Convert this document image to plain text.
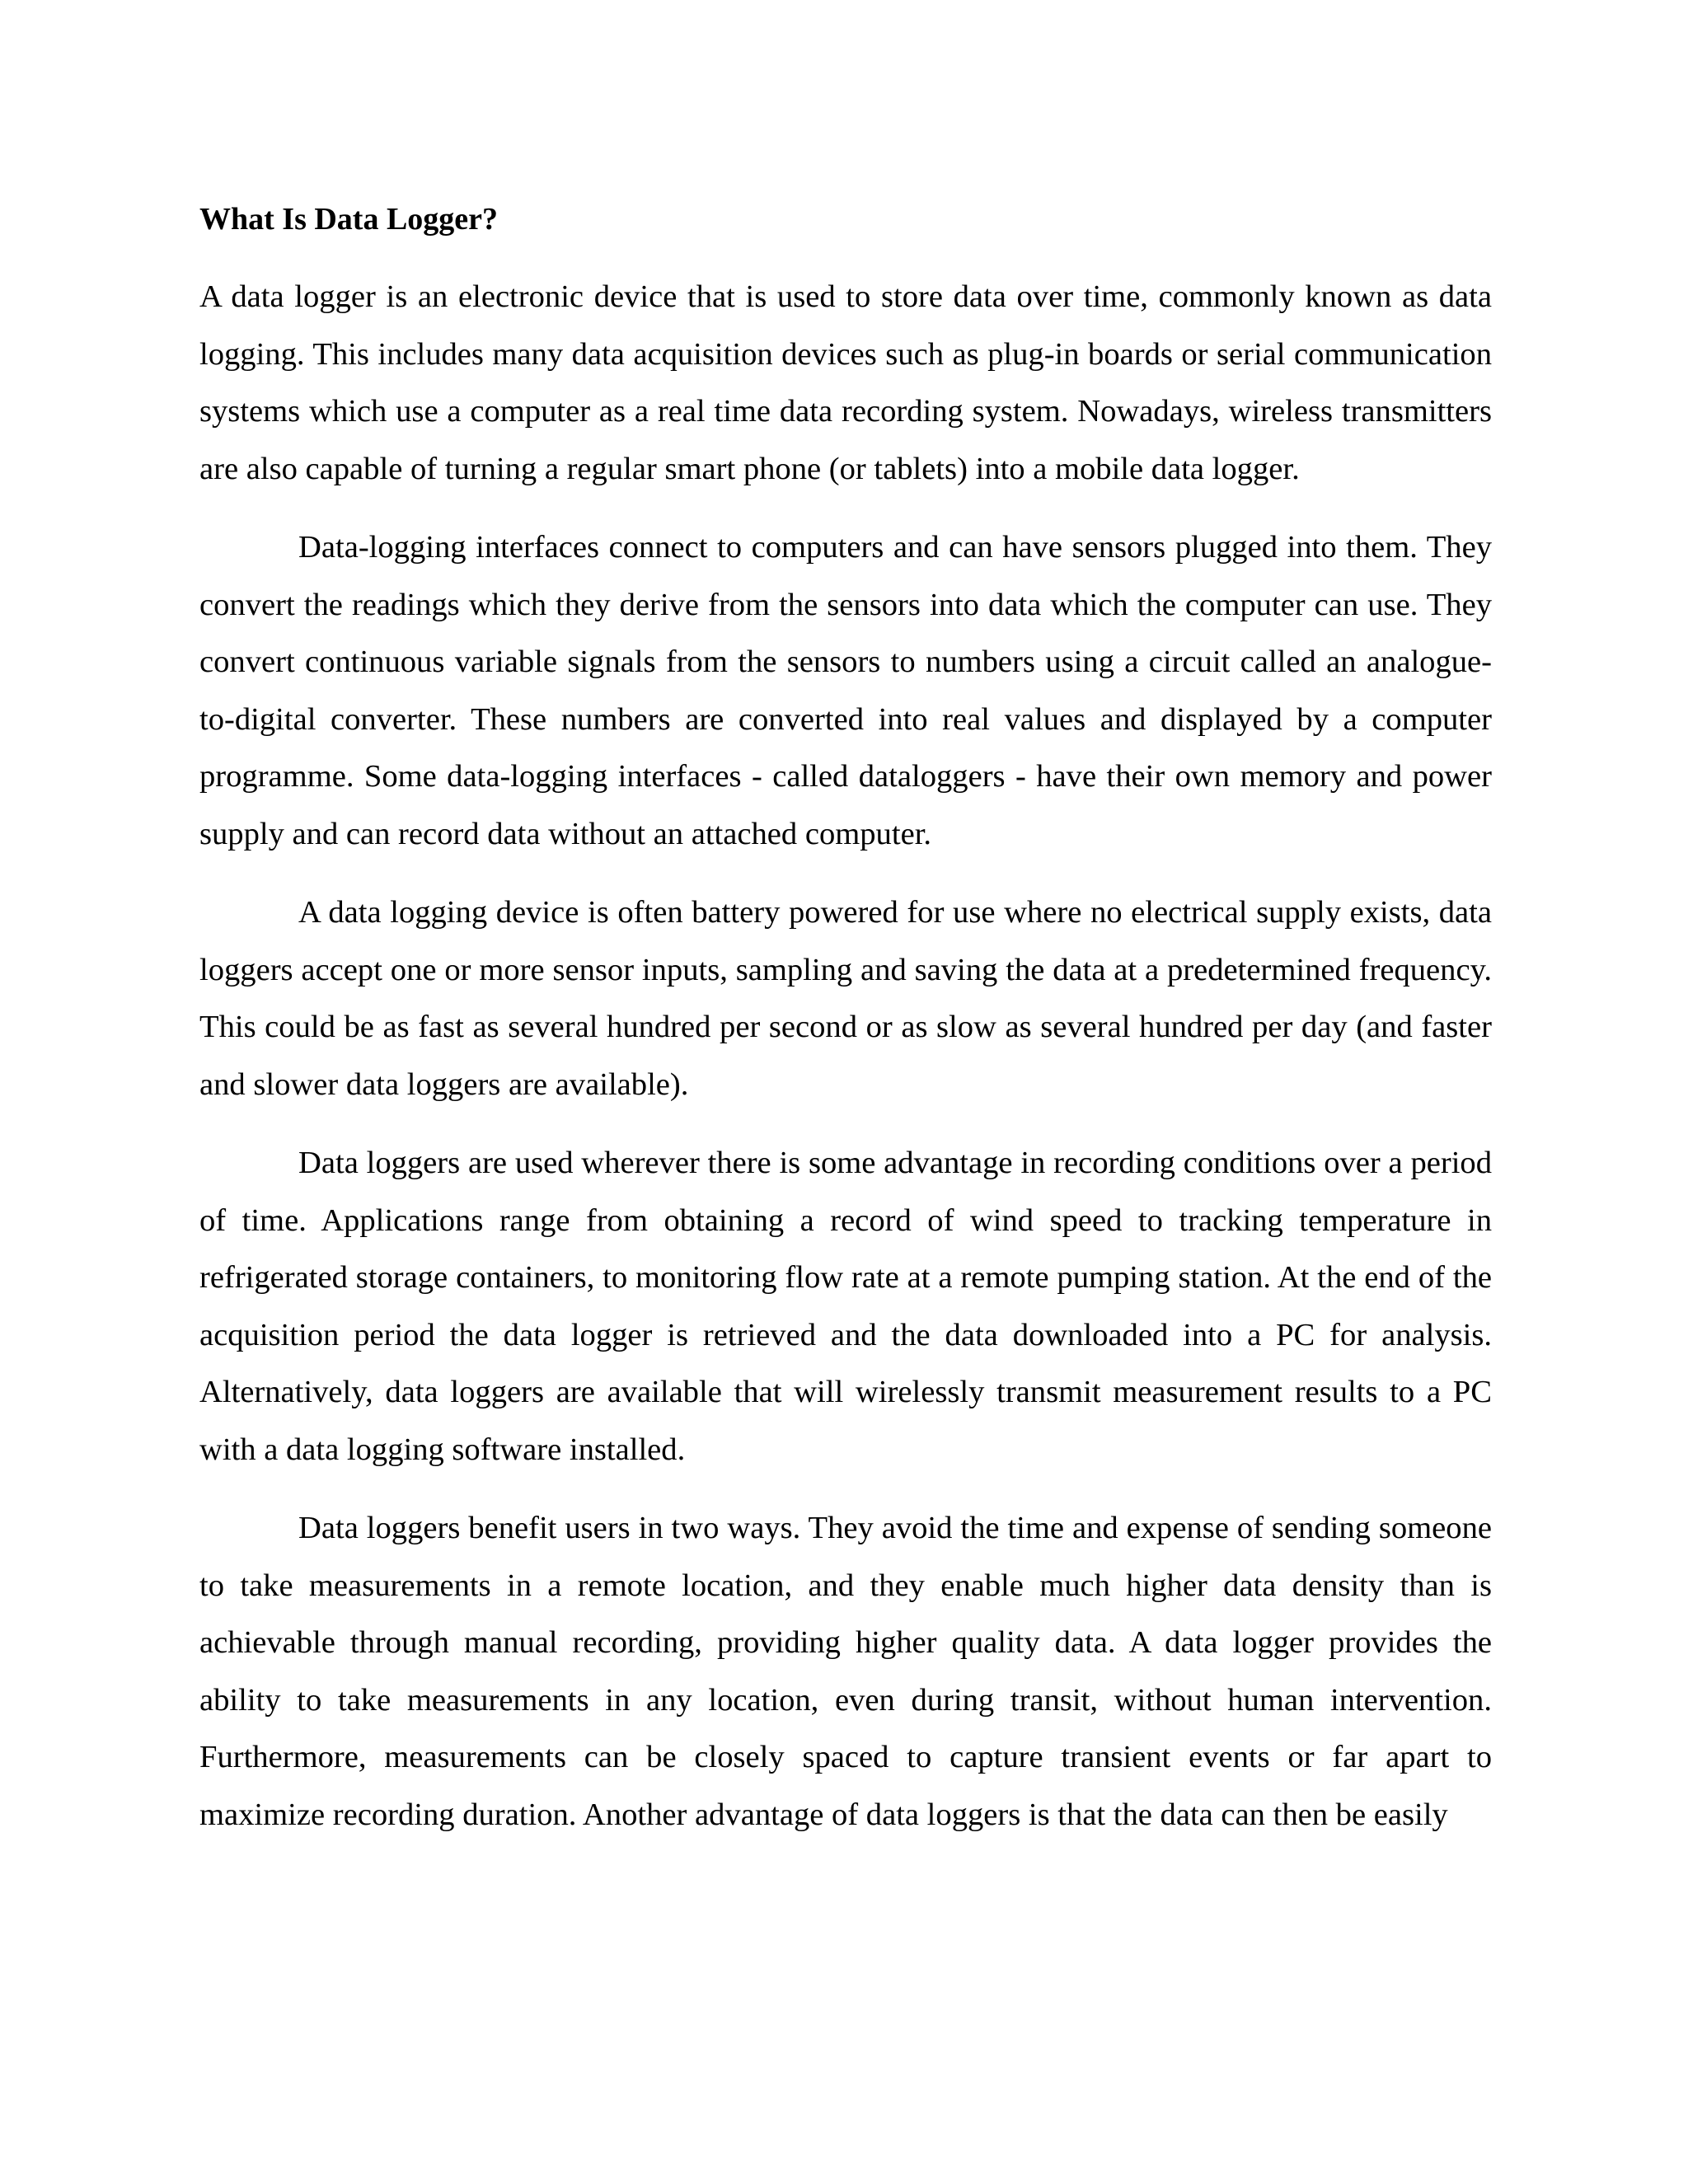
What Is Data Logger?

A data logger is an electronic device that is used to store data over time, commonly known as data logging. This includes many data acquisition devices such as plug-in boards or serial communication systems which use a computer as a real time data recording system. Nowadays, wireless transmitters are also capable of turning a regular smart phone (or tablets) into a mobile data logger.

Data-logging interfaces connect to computers and can have sensors plugged into them. They convert the readings which they derive from the sensors into data which the computer can use. They convert continuous variable signals from the sensors to numbers using a circuit called an analogue-to-digital converter. These numbers are converted into real values and displayed by a computer programme. Some data-logging interfaces - called dataloggers - have their own memory and power supply and can record data without an attached computer.

A data logging device is often battery powered for use where no electrical supply exists, data loggers accept one or more sensor inputs, sampling and saving the data at a predetermined frequency. This could be as fast as several hundred per second or as slow as several hundred per day (and faster and slower data loggers are available).

Data loggers are used wherever there is some advantage in recording conditions over a period of time. Applications range from obtaining a record of wind speed to tracking temperature in refrigerated storage containers, to monitoring flow rate at a remote pumping station. At the end of the acquisition period the data logger is retrieved and the data downloaded into a PC for analysis. Alternatively, data loggers are available that will wirelessly transmit measurement results to a PC with a data logging software installed.

Data loggers benefit users in two ways. They avoid the time and expense of sending someone to take measurements in a remote location, and they enable much higher data density than is achievable through manual recording, providing higher quality data. A data logger provides the ability to take measurements in any location, even during transit, without human intervention. Furthermore, measurements can be closely spaced to capture transient events or far apart to maximize recording duration. Another advantage of data loggers is that the data can then be easily
